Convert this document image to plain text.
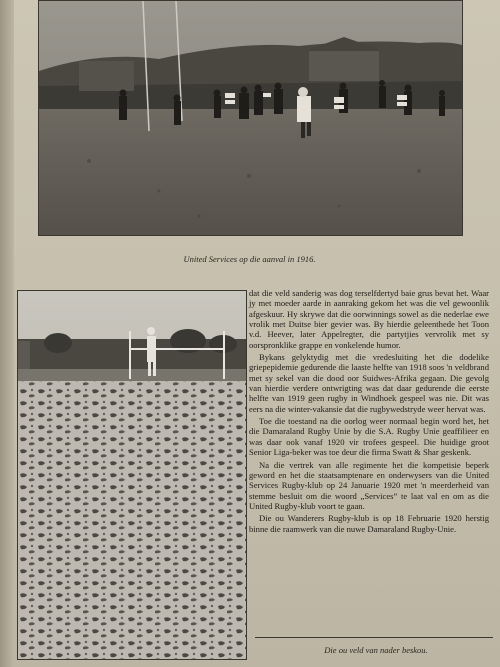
United Services op die aanval in 1916.

dat die veld sanderig was dog terselfdertyd baie grus bevat het. Waar jy met moeder aarde in aanraking gekom het was die vel gewoonlik afgeskuur. Hy skrywe dat die oorwinnings sowel as die nederlae ewe vrolik met Duitse bier gevier was. By hierdie geleenthede het Toon v.d. Heever, later Appelregter, die partytjies vervrolik met sy oorspronklike grappe en vonkelende humor.

Bykans gelyktydig met die vredesluiting het die dodelike griepepidemie gedurende die laaste helfte van 1918 soos 'n veldbrand met sy sekel van die dood oor Suidwes-Afrika gegaan. Die gevolg van hierdie verdere ontwrigting was dat daar gedurende die eerste helfte van 1919 geen rugby in Windhoek gespeel was nie. Dit was eers na die winter-vakansie dat die rugbywedstryde weer hervat was.

Toe die toestand na die oorlog weer normaal begin word het, het die Damaraland Rugby Unie by die S.A. Rugby Unie geaffilieer en was daar ook vanaf 1920 vir trofees gespeel. Die huidige groot Senior Liga-beker was toe deur die firma Swatt & Shar geskenk.

Na die vertrek van alle regimente het die kompetisie beperk geword en het die staatsamptenare en onderwysers van die United Services Rugby-klub op 24 Januarie 1920 met 'n meerderheid van stemme besluit om die woord „Services” te laat val en om as die United Rugby-klub voort te gaan.

Die ou Wanderers Rugby-klub is op 18 Februarie 1920 herstig binne die raamwerk van die nuwe Damaraland Rugby-Unie.

Die ou veld van nader beskou.
